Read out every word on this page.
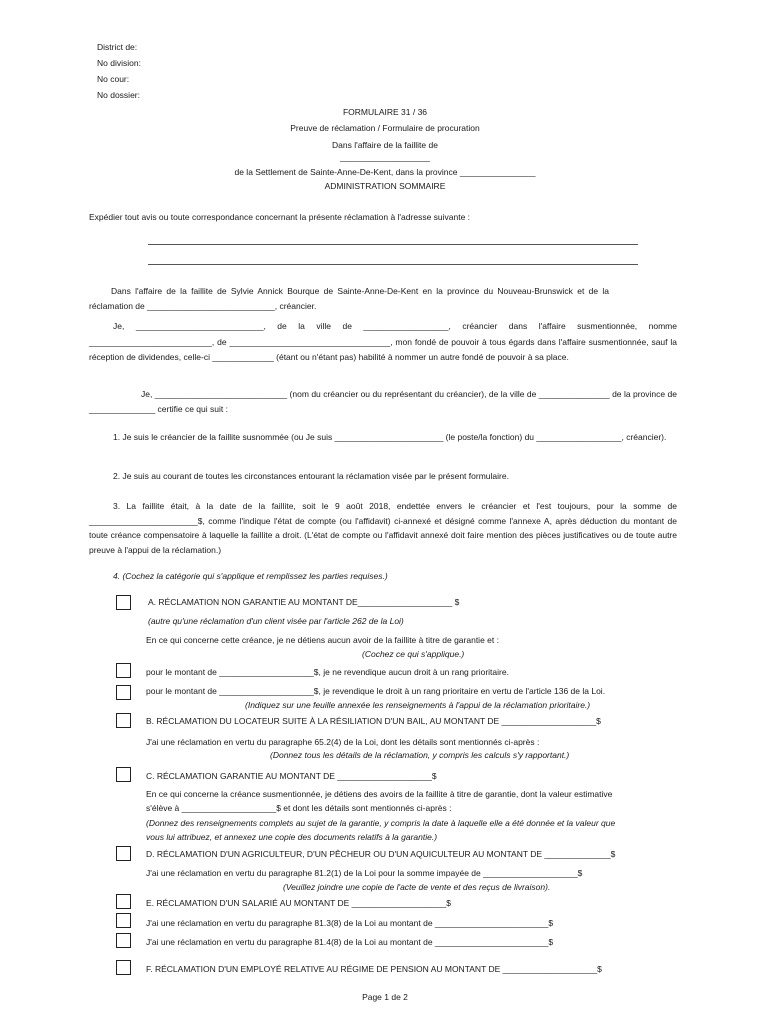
District de:
No division:
No cour:
No dossier:
FORMULAIRE 31 / 36
Preuve de réclamation / Formulaire de procuration
Dans l'affaire de la faillite de
___________________
de la Settlement de Sainte-Anne-De-Kent, dans la province ________________
ADMINISTRATION SOMMAIRE
Expédier tout avis ou toute correspondance concernant la présente réclamation à l'adresse suivante :
Dans l'affaire de la faillite de Sylvie Annick Bourque de Sainte-Anne-De-Kent en la province du Nouveau-Brunswick et de la réclamation de ___________________________, créancier.
Je, ___________________________, de la ville de __________________, créancier dans l'affaire susmentionnée, nomme __________________________, de __________________________________, mon fondé de pouvoir à tous égards dans l'affaire susmentionnée, sauf la réception de dividendes, celle-ci _____________ (étant ou n'étant pas) habilité à nommer un autre fondé de pouvoir à sa place.
Je, ____________________________ (nom du créancier ou du représentant du créancier), de la ville de _______________ de la province de ______________ certifie ce qui suit :
1. Je suis le créancier de la faillite susnommée (ou Je suis _______________________ (le poste/la fonction) du __________________, créancier).
2. Je suis au courant de toutes les circonstances entourant la réclamation visée par le présent formulaire.
3. La faillite était, à la date de la faillite, soit le 9 août 2018, endettée envers le créancier et l'est toujours, pour la somme de _______________________$, comme l'indique l'état de compte (ou l'affidavit) ci-annexé et désigné comme l'annexe A, après déduction du montant de toute créance compensatoire à laquelle la faillite a droit. (L'état de compte ou l'affidavit annexé doit faire mention des pièces justificatives ou de toute autre preuve à l'appui de la réclamation.)
4. (Cochez la catégorie qui s'applique et remplissez les parties requises.)
A. RÉCLAMATION NON GARANTIE AU MONTANT DE____________________ $
(autre qu'une réclamation d'un client visée par l'article 262 de la Loi)
En ce qui concerne cette créance, je ne détiens aucun avoir de la faillite à titre de garantie et :
(Cochez ce qui s'applique.)
pour le montant de ____________________$, je ne revendique aucun droit à un rang prioritaire.
pour le montant de ____________________$, je revendique le droit à un rang prioritaire en vertu de l'article 136 de la Loi.
(Indiquez sur une feuille annexée les renseignements à l'appui de la réclamation prioritaire.)
B. RÉCLAMATION DU LOCATEUR SUITE À LA RÉSILIATION D'UN BAIL, AU MONTANT DE ____________________$
J'ai une réclamation en vertu du paragraphe 65.2(4) de la Loi, dont les détails sont mentionnés ci-après :
(Donnez tous les détails de la réclamation, y compris les calculs s'y rapportant.)
C. RÉCLAMATION GARANTIE AU MONTANT DE ____________________$
En ce qui concerne la créance susmentionnée, je détiens des avoirs de la faillite à titre de garantie, dont la valeur estimative
s'élève à ____________________$ et dont les détails sont mentionnés ci-après :
(Donnez des renseignements complets au sujet de la garantie, y compris la date à laquelle elle a été donnée et la valeur que
vous lui attribuez, et annexez une copie des documents relatifs à la garantie.)
D. RÉCLAMATION D'UN AGRICULTEUR, D'UN PÊCHEUR OU D'UN AQUICULTEUR AU MONTANT DE ______________$
J'ai une réclamation en vertu du paragraphe 81.2(1) de la Loi pour la somme impayée de ____________________$
(Veuillez joindre une copie de l'acte de vente et des reçus de livraison).
E. RÉCLAMATION D'UN SALARIÉ AU MONTANT DE ____________________$
J'ai une réclamation en vertu du paragraphe 81.3(8) de la Loi au montant de ________________________$
J'ai une réclamation en vertu du paragraphe 81.4(8) de la Loi au montant de ________________________$
F. RÉCLAMATION D'UN EMPLOYÉ RELATIVE AU RÉGIME DE PENSION AU MONTANT DE ____________________$
Page 1 de 2
